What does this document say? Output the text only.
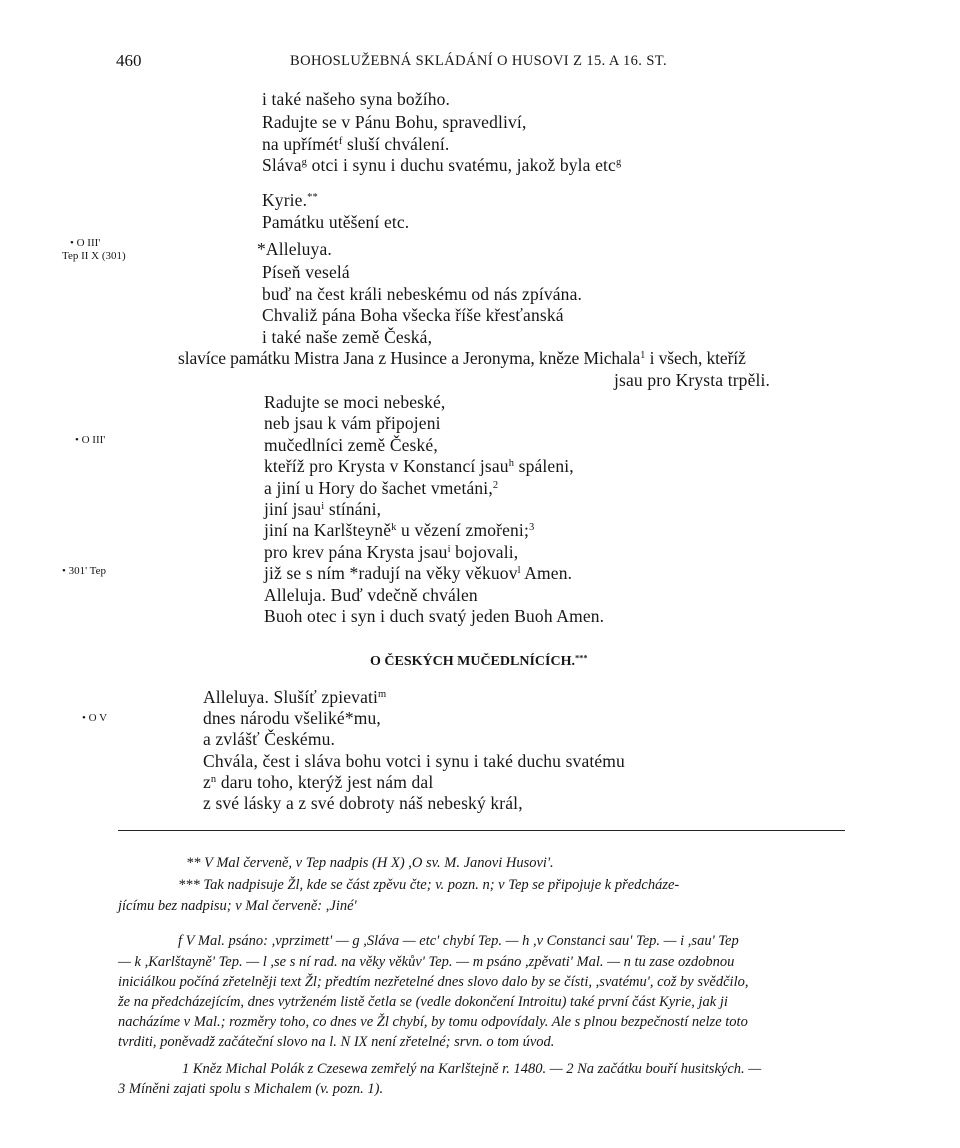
460	BOHOSLUŽEBNÁ SKLÁDÁNÍ O HUSOVI Z 15. A 16. ST.
• O III'
Tep II X (301)
• O III'
• 301' Tep
• O V
i také našeho syna božího.
Radujte se v Pánu Bohu, spravedliví,
na upřímét$^f$ sluší chválení.
Sláva$^g$ otci i synu i duchu svatému, jakož byla etc$^g$
Kyrie.**
Památku utěšení etc.
*Alleluya.
Píseň veselá
buď na čest králi nebeskému od nás zpívána.
Chvaliž pána Boha všecka říše křesťanská
i také naše země Česká,
slavíce památku Mistra Jana z Husince a Jeronyma, kněze Michala$^1$ i všech, kteříž
jsau pro Krysta trpěli.
Radujte se moci nebeské,
neb jsau k vám připojeni
mučedlníci země České,
kteříž pro Krysta v Konstancí jsau$^h$ spáleni,
a jiní u Hory do šachet vmetáni,$^2$
jiní jsau$^i$ stínáni,
jiní na Karlšteyně$^k$ u vězení zmořeni;$^3$
pro krev pána Krysta jsau$^i$ bojovali,
již se s ním *radují na věky věkuov$^l$ Amen.
Alleluja. Buď vdečně chválen
Buoh otec i syn i duch svatý jeden Buoh Amen.
O ČESKÝCH MUČEDLNÍCÍCH.***
Alleluya. Slušíť zpievati$^m$
dnes národu všeliké*mu,
a zvlášť Českému.
Chvála, čest i sláva bohu votci i synu i také duchu svatému
$z^n$ daru toho, kterýž jest nám dal
z své lásky a z své dobroty náš nebeský král,
** V Mal červeně, v Tep nadpis (H X) ,O sv. M. Janovi Husovi'.
*** Tak nadpisuje Žl, kde se část zpěvu čte; v. pozn. n; v Tep se připojuje k předcháze-
jícímu bez nadpisu; v Mal červeně: ,Jiné'
f V Mal. psáno: ,vprzimett' — g ,Sláva — etc' chybí Tep. — h ,v Constanci sau' Tep. — i ,sau' Tep
— k ,Karlštayně' Tep. — l ,se s ní rad. na věky věkův' Tep. — m psáno ,zpěvati' Mal. — n tu zase ozdobnou
iniciálkou počíná zřetelněji text Žl; předtím nezřetelné dnes slovo dalo by se čísti, ,svatému', což by svědčilo,
že na předcházejícím, dnes vytrženém listě četla se (vedle dokončení Introitu) také první část Kyrie, jak ji
nacházíme v Mal.; rozměry toho, co dnes ve Žl chybí, by tomu odpovídaly. Ale s plnou bezpečností nelze toto
tvrditi, poněvadž začáteční slovo na l. N IX není zřetelné; srvn. o tom úvod.
1 Kněz Michal Polák z Czesewa zemřelý na Karlštejně r. 1480. — 2 Na začátku bouří husitských. —
3 Míněni zajati spolu s Michalem (v. pozn. 1).
